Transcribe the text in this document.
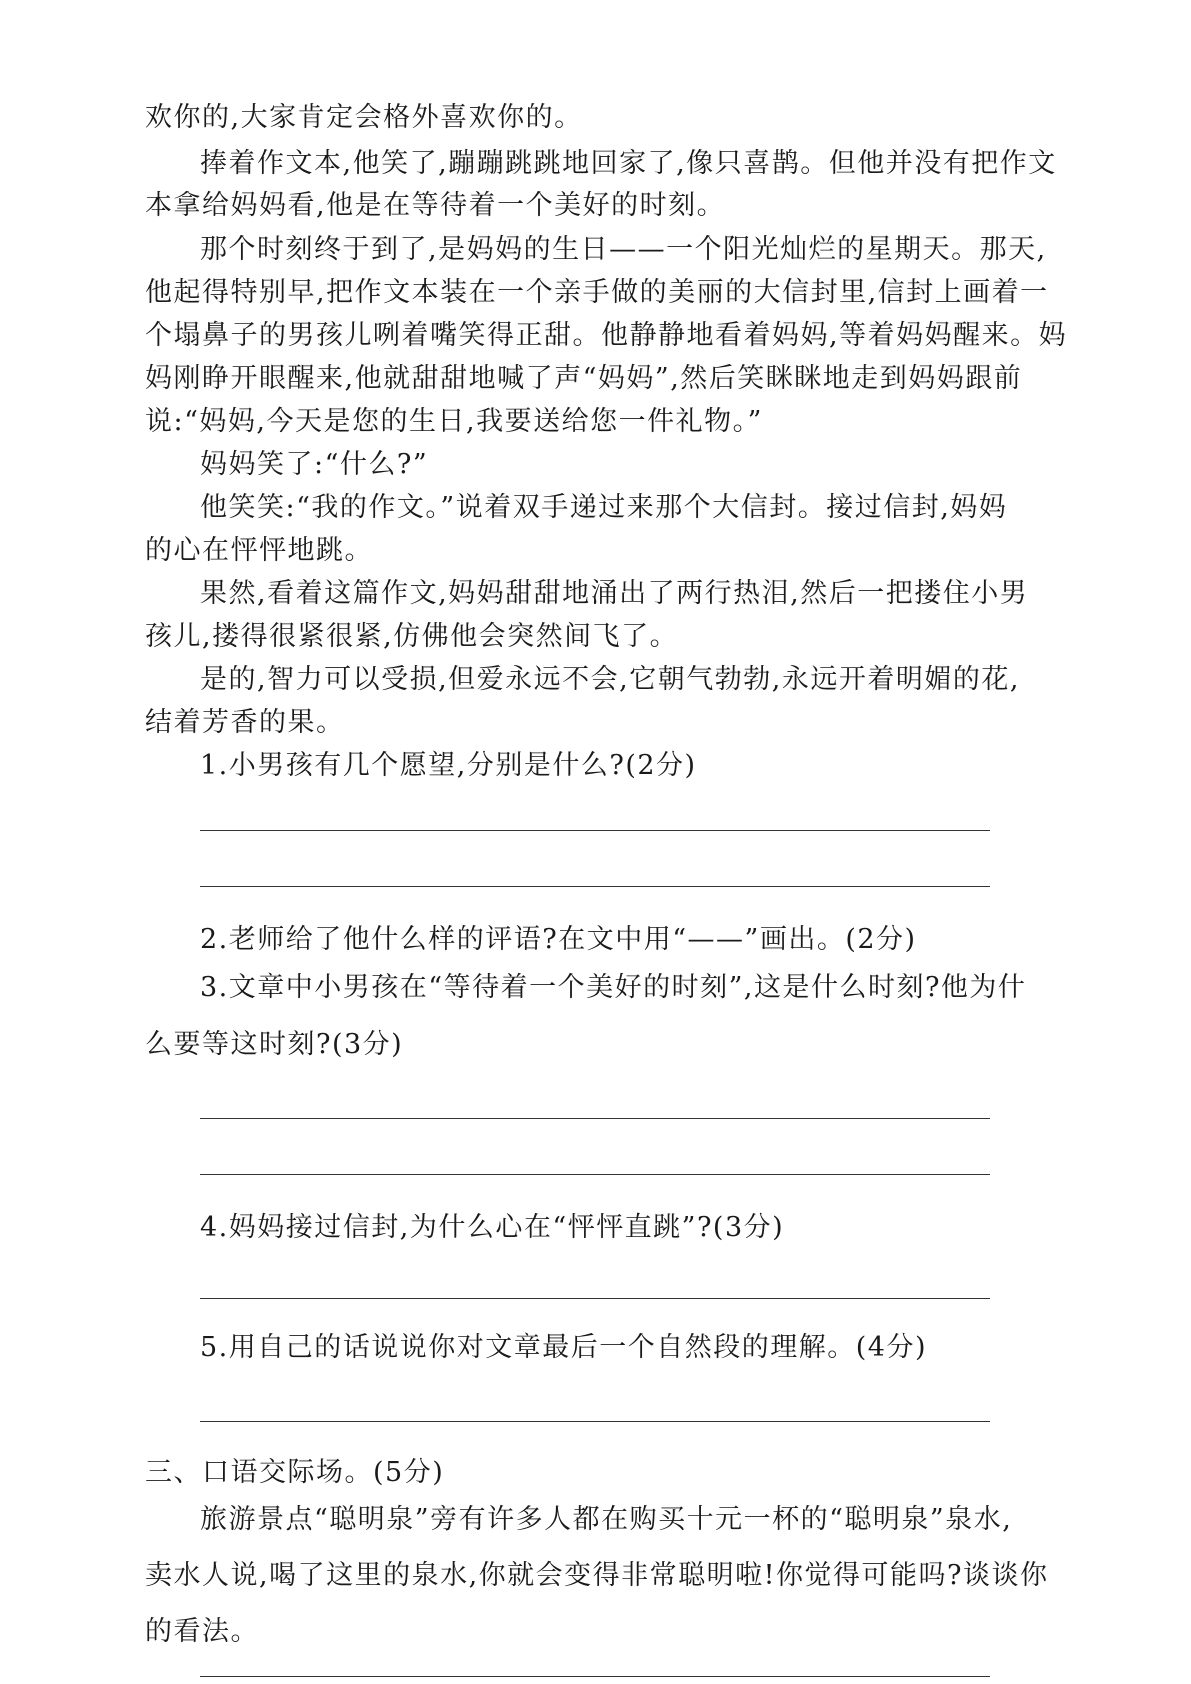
欢你的,大家肯定会格外喜欢你的。
捧着作文本,他笑了,蹦蹦跳跳地回家了,像只喜鹊。但他并没有把作文
本拿给妈妈看,他是在等待着一个美好的时刻。
那个时刻终于到了,是妈妈的生日——一个阳光灿烂的星期天。那天,
他起得特别早,把作文本装在一个亲手做的美丽的大信封里,信封上画着一
个塌鼻子的男孩儿咧着嘴笑得正甜。他静静地看着妈妈,等着妈妈醒来。妈
妈刚睁开眼醒来,他就甜甜地喊了声“妈妈”,然后笑眯眯地走到妈妈跟前
说:“妈妈,今天是您的生日,我要送给您一件礼物。”
妈妈笑了:“什么?”
他笑笑:“我的作文。”说着双手递过来那个大信封。接过信封,妈妈
的心在怦怦地跳。
果然,看着这篇作文,妈妈甜甜地涌出了两行热泪,然后一把搂住小男
孩儿,搂得很紧很紧,仿佛他会突然间飞了。
是的,智力可以受损,但爱永远不会,它朝气勃勃,永远开着明媚的花,
结着芳香的果。
1.小男孩有几个愿望,分别是什么?(2分)
2.老师给了他什么样的评语?在文中用“——”画出。(2分)
3.文章中小男孩在“等待着一个美好的时刻”,这是什么时刻?他为什
么要等这时刻?(3分)
4.妈妈接过信封,为什么心在“怦怦直跳”?(3分)
5.用自己的话说说你对文章最后一个自然段的理解。(4分)
三、口语交际场。(5分)
旅游景点“聪明泉”旁有许多人都在购买十元一杯的“聪明泉”泉水,
卖水人说,喝了这里的泉水,你就会变得非常聪明啦!你觉得可能吗?谈谈你
的看法。
